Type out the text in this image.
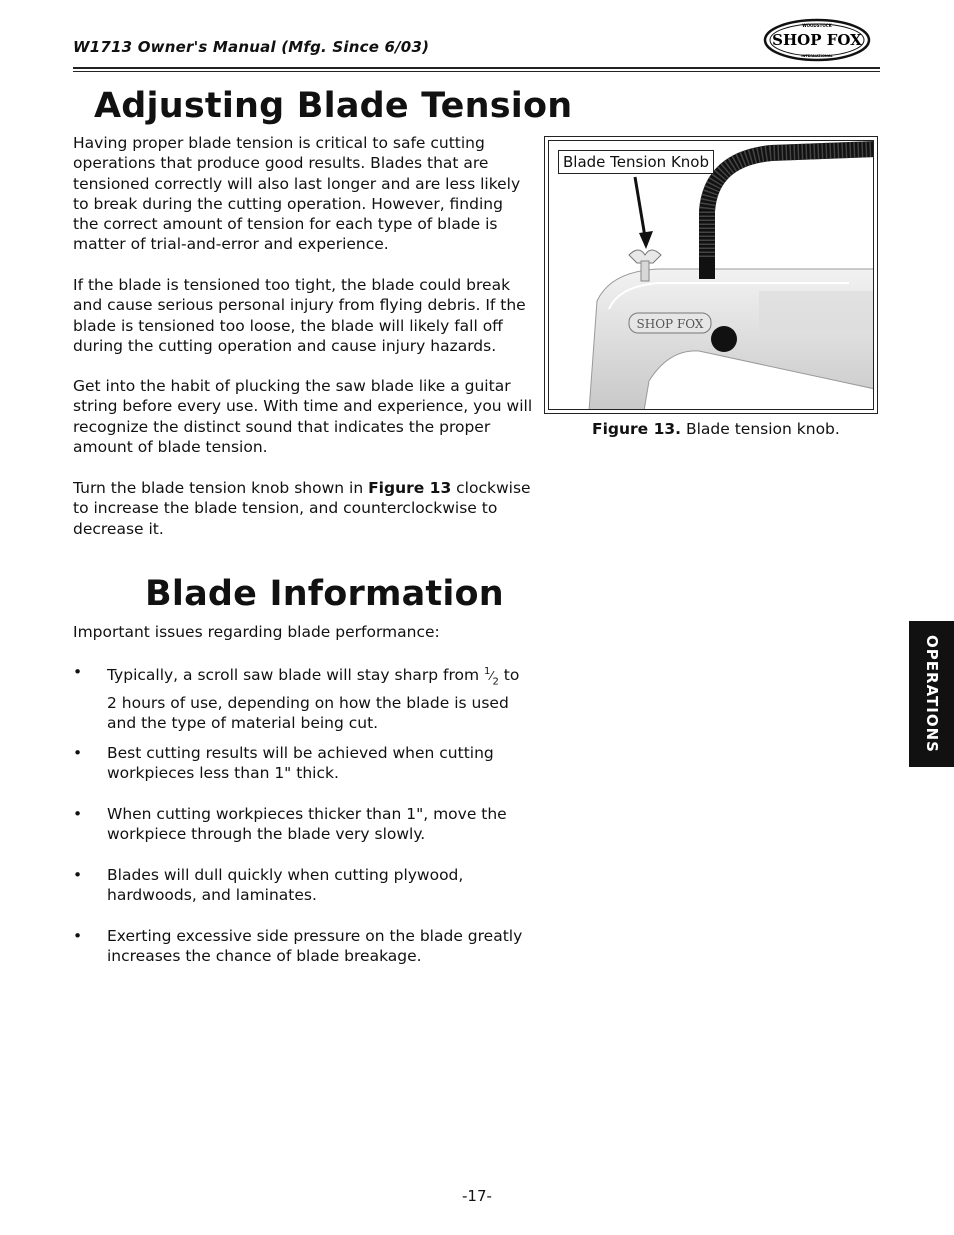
W1713 Owner's Manual (Mfg. Since 6/03)
WOODSTOCK
SHOP FOX
INTERNATIONAL
Adjusting Blade Tension
Having proper blade tension is critical to safe cutting operations that produce good results. Blades that are tensioned correctly will also last longer and are less likely to break during the cutting operation. However, finding the correct amount of tension for each type of blade is matter of trial-and-error and experience.
If the blade is tensioned too tight, the blade could break and cause serious personal injury from flying debris. If the blade is tensioned too loose, the blade will likely fall off during the cutting operation and cause injury hazards.
Get into the habit of plucking the saw blade like a guitar string before every use. With time and experience, you will recognize the distinct sound that indicates the proper amount of blade tension.
Turn the blade tension knob shown in Figure 13 clockwise to increase the blade tension, and counterclockwise to decrease it.
SHOP FOX
Blade Tension Knob
Figure 13. Blade tension knob.
Blade Information
Important issues regarding blade performance:
• Typically, a scroll saw blade will stay sharp from $^1⁄_2$ to 2 hours of use, depending on how the blade is used and the type of material being cut.
• Best cutting results will be achieved when cutting workpieces less than 1" thick.
• When cutting workpieces thicker than 1", move the workpiece through the blade very slowly.
• Blades will dull quickly when cutting plywood, hardwoods, and laminates.
• Exerting excessive side pressure on the blade greatly increases the chance of blade breakage.
OPERATIONS
-17-
